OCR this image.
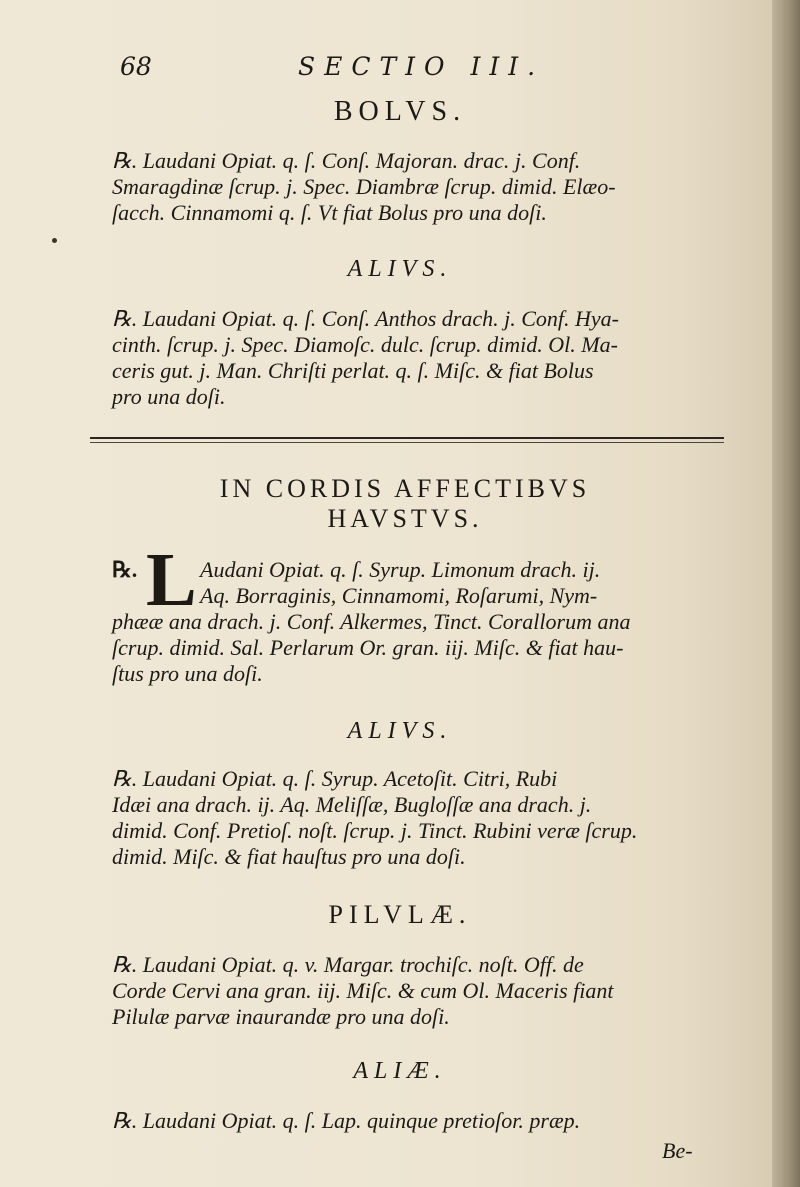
68	SECTIO III.
BOLVS.
℞. Laudani Opiat. q. ſ. Conſ. Majoran. drac. j. Conf.
Smaragdinæ ſcrup. j. Spec. Diambræ ſcrup. dimid. Elæo-
ſacch. Cinnamomi q. ſ. Vt fiat Bolus pro una doſi.
ALIVS.
℞. Laudani Opiat. q. ſ. Conſ. Anthos drach. j. Conf. Hya-
cinth. ſcrup. j. Spec. Diamoſc. dulc. ſcrup. dimid. Ol. Ma-
ceris gut. j. Man. Chriſti perlat. q. ſ. Miſc. & fiat Bolus
pro una doſi.
IN CORDIS AFFECTIBVS
HAVSTVS.
℞. L Audani Opiat. q. ſ. Syrup. Limonum drach. ij.
Aq. Borraginis, Cinnamomi, Roſarumi, Nym-
phææ ana drach. j. Conf. Alkermes, Tinct. Corallorum ana
ſcrup. dimid. Sal. Perlarum Or. gran. iij. Miſc. & fiat hau-
ſtus pro una doſi.
ALIVS.
℞. Laudani Opiat. q. ſ. Syrup. Acetoſit. Citri, Rubi
Idæi ana drach. ij. Aq. Meliſſæ, Bugloſſæ ana drach. j.
dimid. Conf. Pretioſ. noſt. ſcrup. j. Tinct. Rubini veræ ſcrup.
dimid. Miſc. & fiat hauſtus pro una doſi.
PILVLÆ.
℞. Laudani Opiat. q. v. Margar. trochiſc. noſt. Off. de
Corde Cervi ana gran. iij. Miſc. & cum Ol. Maceris fiant
Pilulæ parvæ inaurandæ pro una doſi.
ALIÆ.
℞. Laudani Opiat. q. ſ. Lap. quinque pretioſor. præp.
Be-
